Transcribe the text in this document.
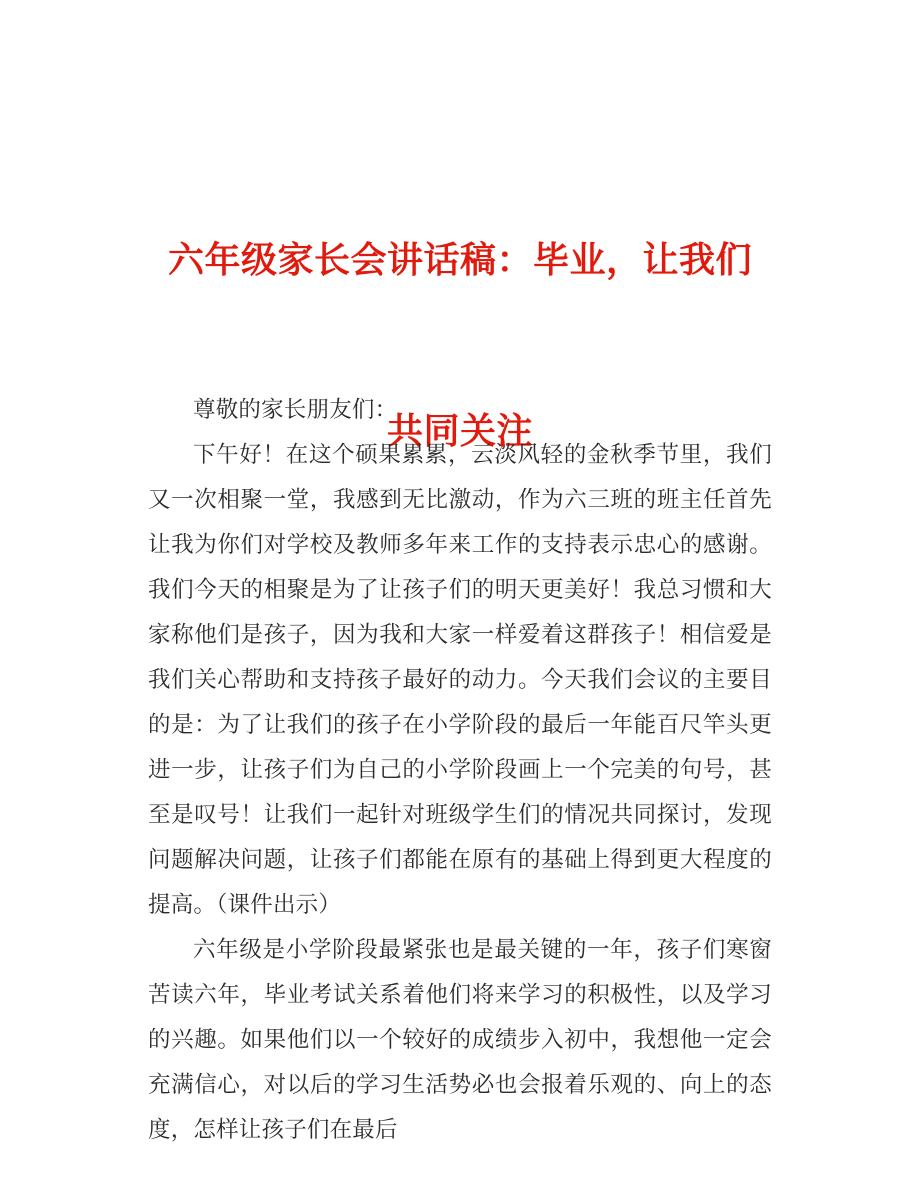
六年级家长会讲话稿：毕业，让我们

共同关注

尊敬的家长朋友们：

下午好！在这个硕果累累，云淡风轻的金秋季节里，我们又一次相聚一堂，我感到无比激动，作为六三班的班主任首先让我为你们对学校及教师多年来工作的支持表示忠心的感谢。我们今天的相聚是为了让孩子们的明天更美好！我总习惯和大家称他们是孩子，因为我和大家一样爱着这群孩子！相信爱是我们关心帮助和支持孩子最好的动力。今天我们会议的主要目的是：为了让我们的孩子在小学阶段的最后一年能百尺竿头更进一步，让孩子们为自己的小学阶段画上一个完美的句号，甚至是叹号！让我们一起针对班级学生们的情况共同探讨，发现问题解决问题，让孩子们都能在原有的基础上得到更大程度的提高。（课件出示）

六年级是小学阶段最紧张也是最关键的一年，孩子们寒窗苦读六年，毕业考试关系着他们将来学习的积极性，以及学习的兴趣。如果他们以一个较好的成绩步入初中，我想他一定会充满信心，对以后的学习生活势必也会报着乐观的、向上的态度，怎样让孩子们在最后
